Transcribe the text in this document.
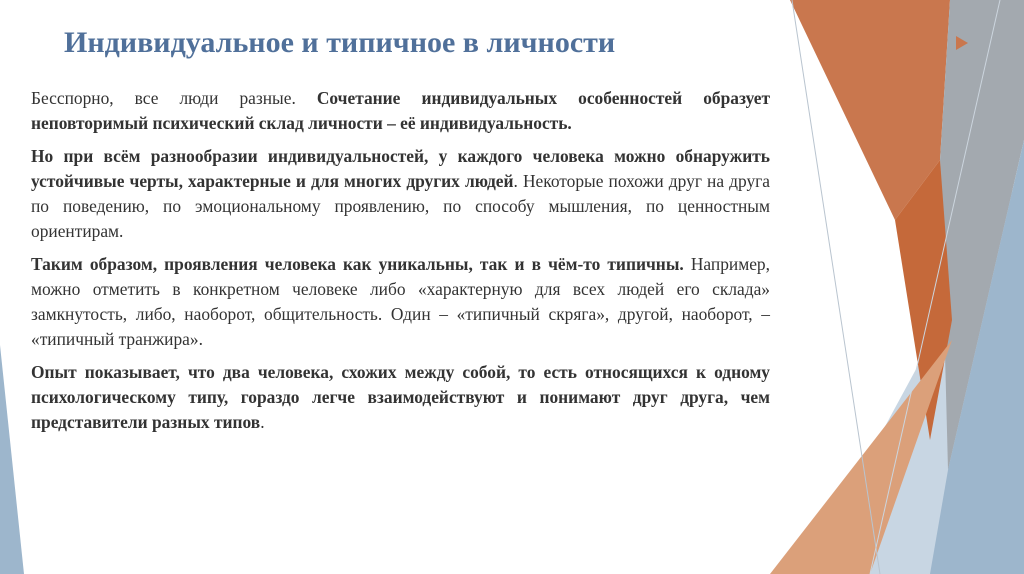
Индивидуальное и типичное в личности

Бесспорно, все люди разные. Сочетание индивидуальных особенностей образует неповторимый психический склад личности – её индивидуальность.

Но при всём разнообразии индивидуальностей, у каждого человека можно обнаружить устойчивые черты, характерные и для многих других людей. Некоторые похожи друг на друга по поведению, по эмоциональному проявлению, по способу мышления, по ценностным ориентирам.

Таким образом, проявления человека как уникальны, так и в чём-то типичны. Например, можно отметить в конкретном человеке либо «характерную для всех людей его склада» замкнутость, либо, наоборот, общительность. Один – «типичный скряга», другой, наоборот, – «типичный транжира».

Опыт показывает, что два человека, схожих между собой, то есть относящихся к одному психологическому типу, гораздо легче взаимодействуют и понимают друг друга, чем представители разных типов.
